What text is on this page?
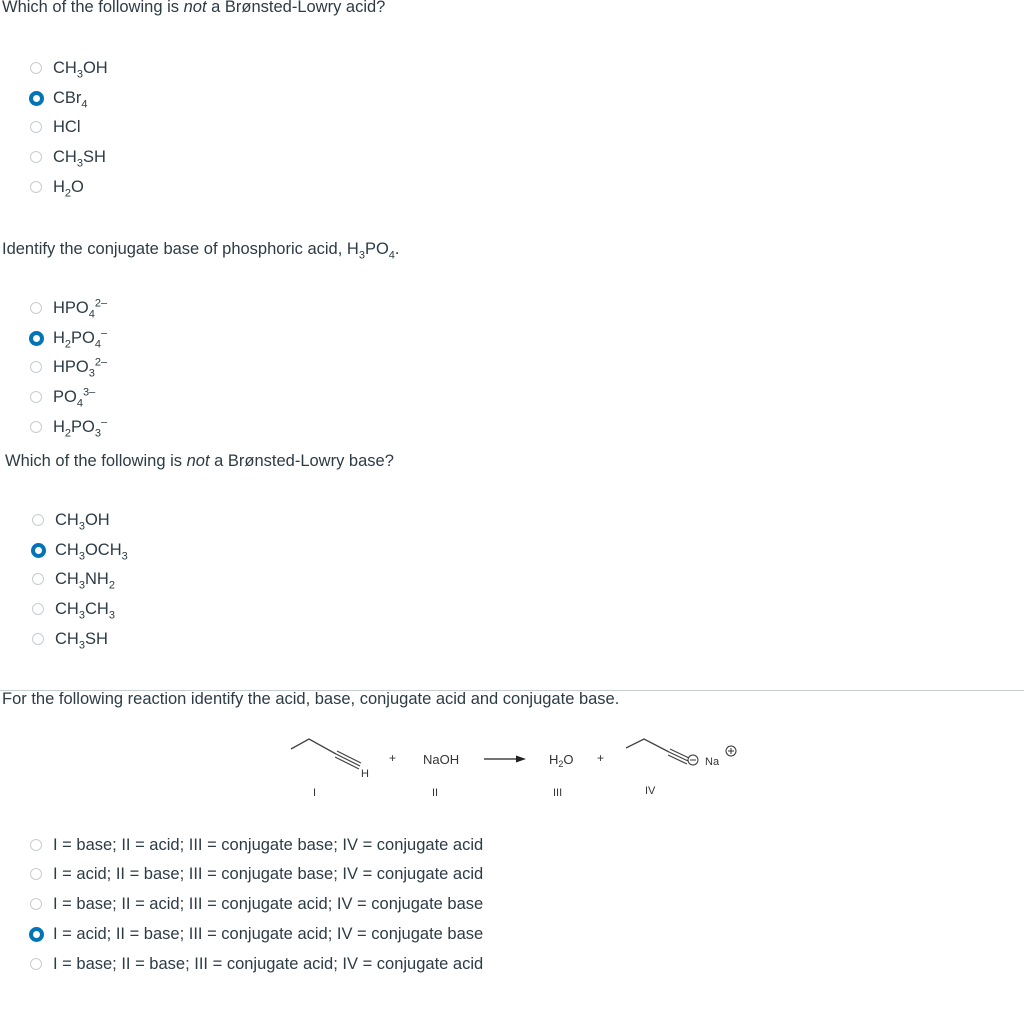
Which of the following is not a Brønsted-Lowry acid?
$CH_3OH$
CBr$_4$
HCl
$CH_3SH$
$H_2O$
Identify the conjugate base of phosphoric acid, $H_3PO_4$.
$HPO_4^{2-}$
$H_2PO_4^-$
$HPO_3^{2-}$
$PO_4^{3-}$
$H_2PO_3^-$
Which of the following is not a Brønsted-Lowry base?
$CH_3OH$
$CH_3OCH_3$
$CH_3NH_2$
$CH_3CH_3$
$CH_3SH$
For the following reaction identify the acid, base, conjugate acid and conjugate base.
H
+ NaOH	$H_2O$ +	Na
I	II	III	IV
I = base; II = acid; III = conjugate base; IV = conjugate acid
I = acid; II = base; III = conjugate base; IV = conjugate acid
I = base; II = acid; III = conjugate acid; IV = conjugate base
I = acid; II = base; III = conjugate acid; IV = conjugate base
I = base; II = base; III = conjugate acid; IV = conjugate acid
